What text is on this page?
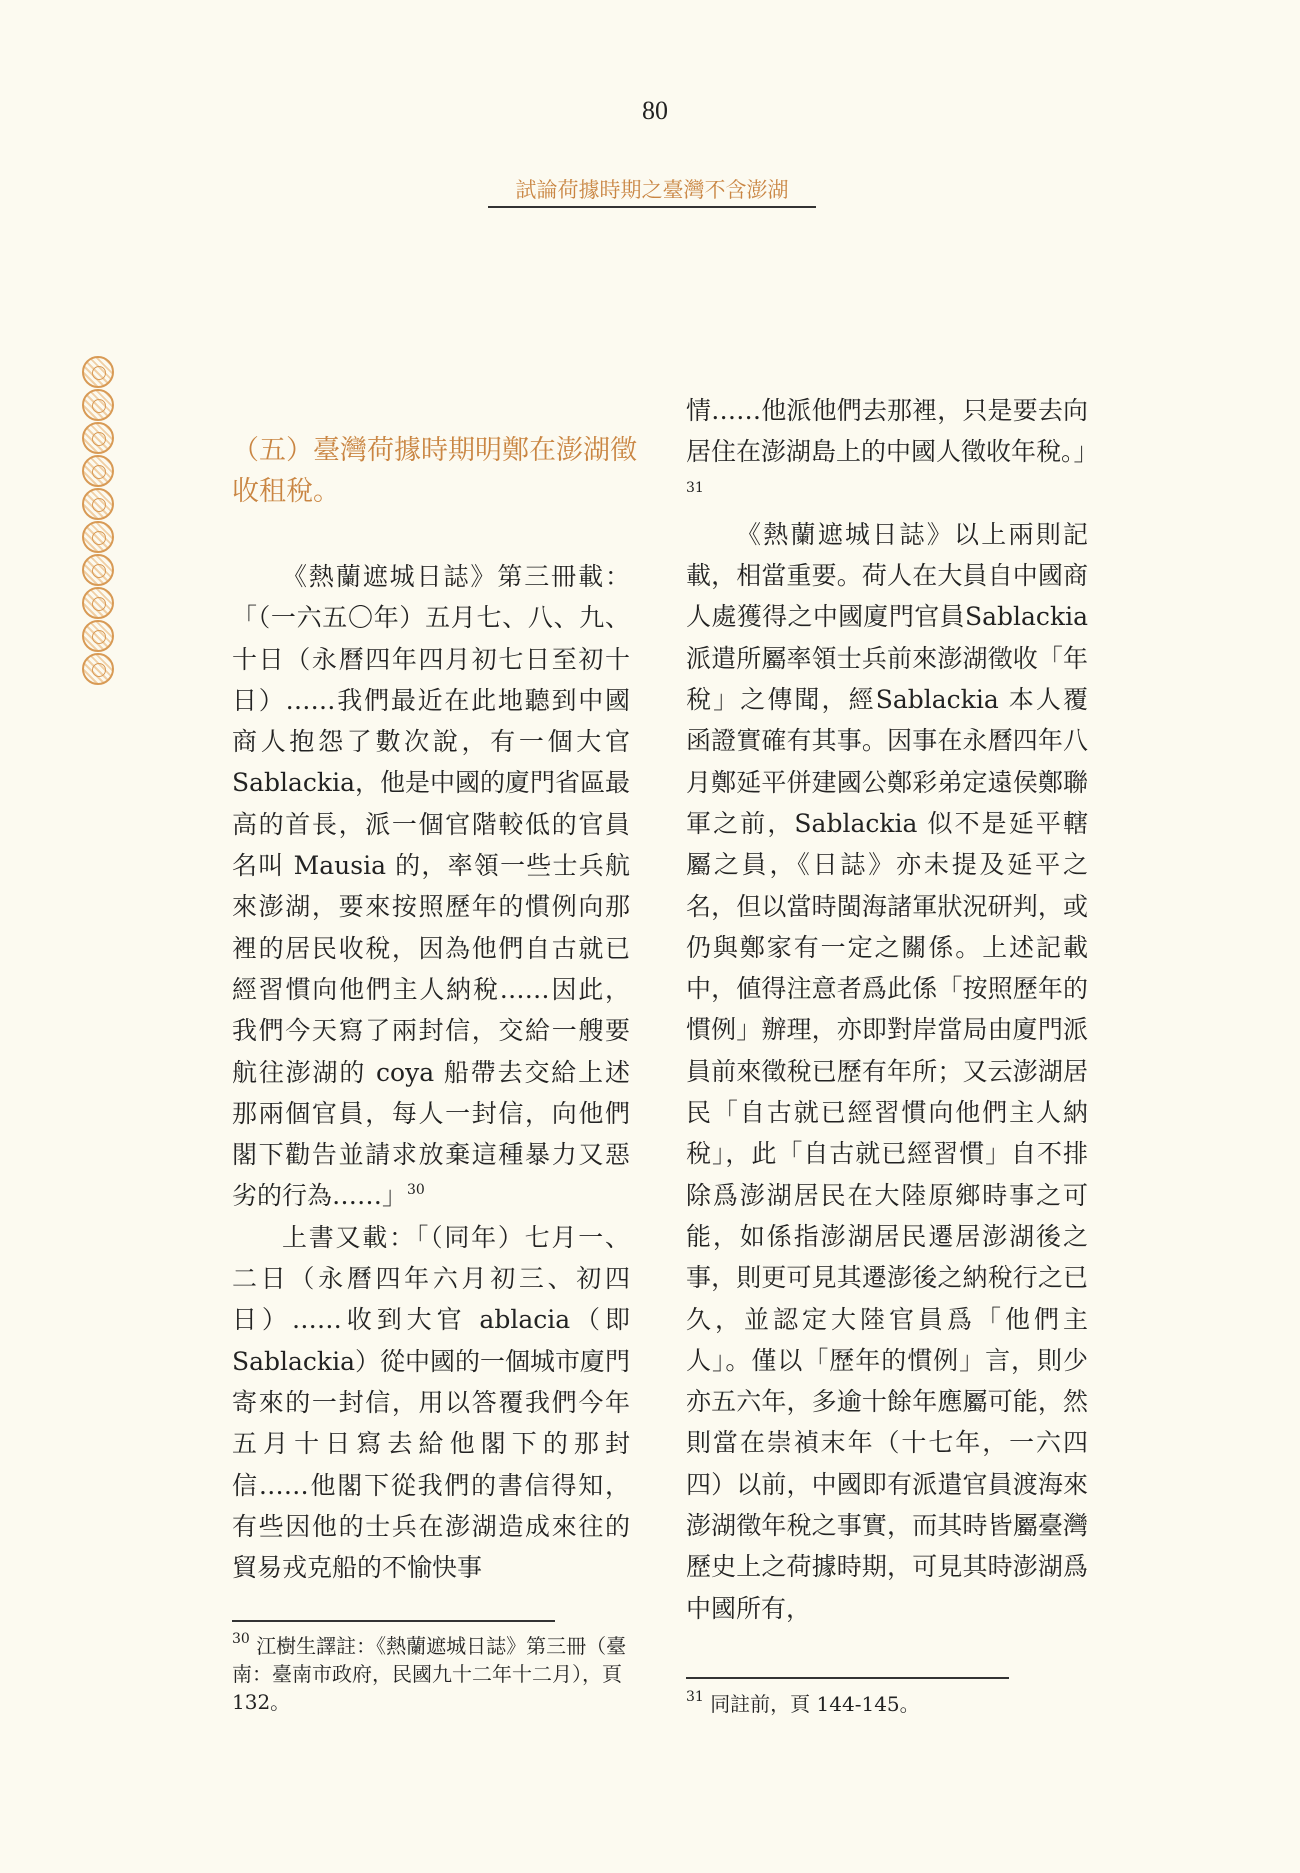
80
試論荷據時期之臺灣不含澎湖
（五）臺灣荷據時期明鄭在澎湖徵收租稅。

《熱蘭遮城日誌》第三冊載：「（一六五〇年）五月七、八、九、十日（永曆四年四月初七日至初十日）……我們最近在此地聽到中國商人抱怨了數次說，有一個大官Sablackia，他是中國的廈門省區最高的首長，派一個官階較低的官員名叫 Mausia 的，率領一些士兵航來澎湖，要來按照歷年的慣例向那裡的居民收稅，因為他們自古就已經習慣向他們主人納稅……因此，我們今天寫了兩封信，交給一艘要航往澎湖的 coya 船帶去交給上述那兩個官員，每人一封信，向他們閣下勸告並請求放棄這種暴力又惡劣的行為……」$^{30}$

上書又載：「（同年）七月一、二日（永曆四年六月初三、初四日）……收到大官 ablacia（即Sablackia）從中國的一個城市廈門寄來的一封信，用以答覆我們今年五月十日寫去給他閣下的那封信……他閣下從我們的書信得知，有些因他的士兵在澎湖造成來往的貿易戎克船的不愉快事

情……他派他們去那裡，只是要去向居住在澎湖島上的中國人徵收年稅。」$^{31}$

《熱蘭遮城日誌》以上兩則記載，相當重要。荷人在大員自中國商人處獲得之中國廈門官員Sablackia 派遣所屬率領士兵前來澎湖徵收「年稅」之傳聞，經Sablackia 本人覆函證實確有其事。因事在永曆四年八月鄭延平併建國公鄭彩弟定遠侯鄭聯軍之前，Sablackia 似不是延平轄屬之員，《日誌》亦未提及延平之名，但以當時閩海諸軍狀況研判，或仍與鄭家有一定之關係。上述記載中，値得注意者爲此係「按照歷年的慣例」辦理，亦即對岸當局由廈門派員前來徵稅已歷有年所；又云澎湖居民「自古就已經習慣向他們主人納稅」，此「自古就已經習慣」自不排除爲澎湖居民在大陸原鄉時事之可能，如係指澎湖居民遷居澎湖後之事，則更可見其遷澎後之納稅行之已久，並認定大陸官員爲「他們主人」。僅以「歷年的慣例」言，則少亦五六年，多逾十餘年應屬可能，然則當在崇禎末年（十七年，一六四四）以前，中國即有派遣官員渡海來澎湖徵年稅之事實，而其時皆屬臺灣歷史上之荷據時期，可見其時澎湖爲中國所有，

$^{30}$ 江樹生譯註：《熱蘭遮城日誌》第三冊（臺南：臺南市政府，民國九十二年十二月），頁 132。	$^{31}$ 同註前，頁 144-145。
